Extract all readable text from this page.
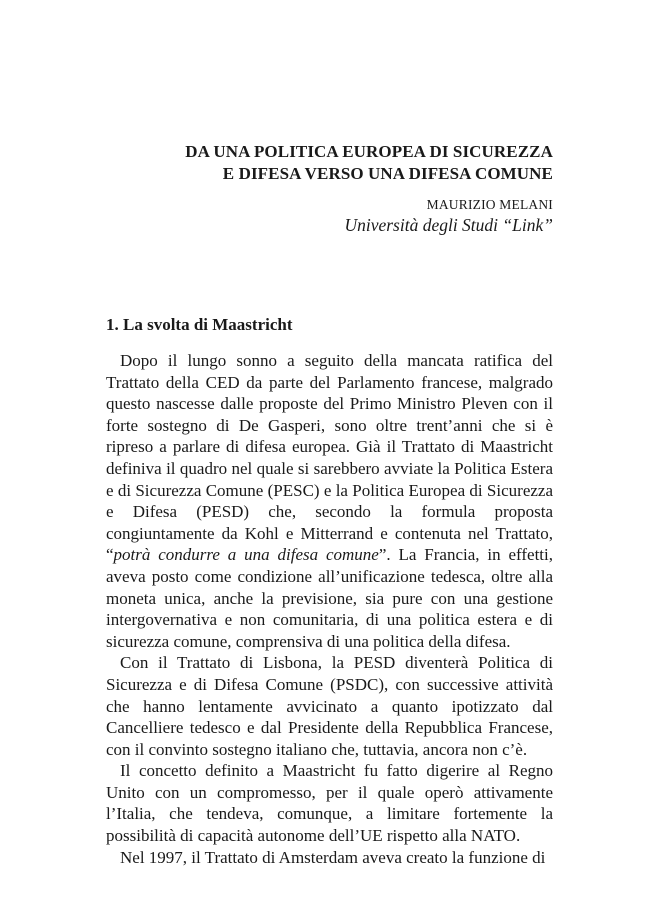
DA UNA POLITICA EUROPEA DI SICUREZZA
E DIFESA VERSO UNA DIFESA COMUNE
MAURIZIO MELANI
Università degli Studi “Link”
1. La svolta di Maastricht

Dopo il lungo sonno a seguito della mancata ratifica del Trattato della CED da parte del Parlamento francese, malgrado questo nascesse dalle proposte del Primo Ministro Pleven con il forte sostegno di De Gasperi, sono oltre trent’anni che si è ripreso a parlare di difesa europea. Già il Trattato di Maastricht definiva il quadro nel quale si sarebbero avviate la Politica Estera e di Sicurezza Comune (PESC) e la Politica Europea di Sicurezza e Difesa (PESD) che, secondo la formula proposta congiuntamente da Kohl e Mitterrand e contenuta nel Trattato, “potrà condurre a una difesa comune”. La Francia, in effetti, aveva posto come condizione all’unificazione tedesca, oltre alla moneta unica, anche la previsione, sia pure con una gestione intergovernativa e non comunitaria, di una politica estera e di sicurezza comune, comprensiva di una politica della difesa.

Con il Trattato di Lisbona, la PESD diventerà Politica di Sicurezza e di Difesa Comune (PSDC), con successive attività che hanno lentamente avvicinato a quanto ipotizzato dal Cancelliere tedesco e dal Presidente della Repubblica Francese, con il convinto sostegno italiano che, tuttavia, ancora non c’è.

Il concetto definito a Maastricht fu fatto digerire al Regno Unito con un compromesso, per il quale operò attivamente l’Italia, che tendeva, comunque, a limitare fortemente la possibilità di capacità autonome dell’UE rispetto alla NATO.

Nel 1997, il Trattato di Amsterdam aveva creato la funzione di
